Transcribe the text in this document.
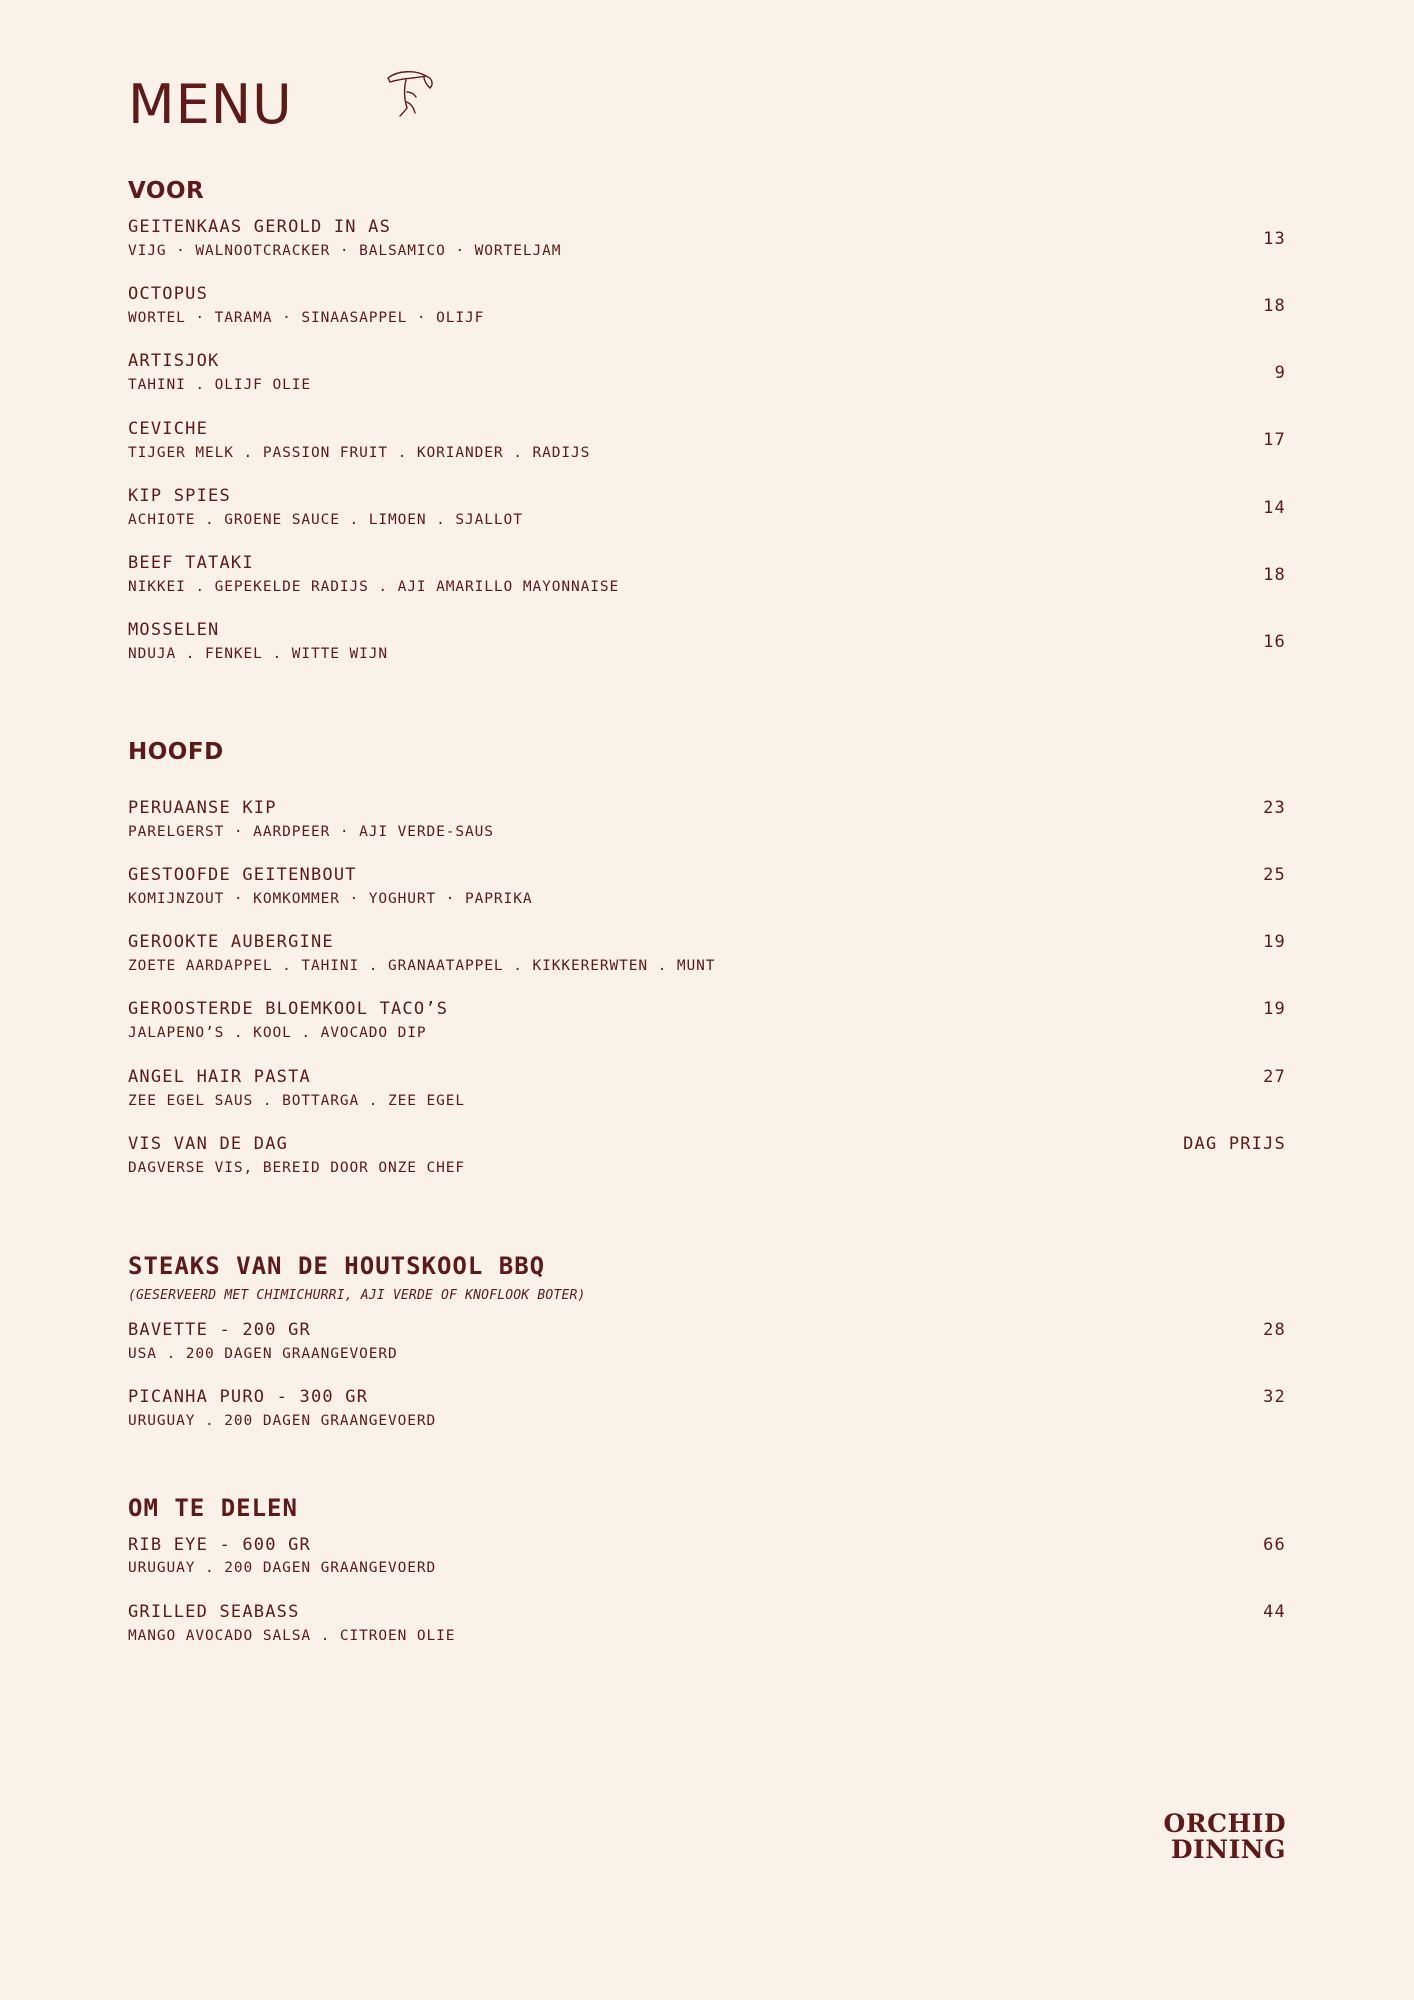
MENU
VOOR
GEITENKAAS GEROLD IN AS
VIJG · WALNOOTCRACKER · BALSAMICO · WORTELJAM
13
OCTOPUS
WORTEL · TARAMA · SINAASAPPEL · OLIJF
18
ARTISJOK
TAHINI . OLIJF OLIE
9
CEVICHE
TIJGER MELK . PASSION FRUIT . KORIANDER . RADIJS
17
KIP SPIES
ACHIOTE . GROENE SAUCE . LIMOEN . SJALLOT
14
BEEF TATAKI
NIKKEI . GEPEKELDE RADIJS . AJI AMARILLO MAYONNAISE
18
MOSSELEN
NDUJA . FENKEL . WITTE WIJN
16
HOOFD
PERUAANSE KIP
PARELGERST · AARDPEER · AJI VERDE-SAUS
23
GESTOOFDE GEITENBOUT
KOMIJNZOUT · KOMKOMMER · YOGHURT · PAPRIKA
25
GEROOKTE AUBERGINE
ZOETE AARDAPPEL . TAHINI . GRANAATAPPEL . KIKKERERWTEN . MUNT
19
GEROOSTERDE BLOEMKOOL TACO’S
JALAPENO’S . KOOL . AVOCADO DIP
19
ANGEL HAIR PASTA
ZEE EGEL SAUS . BOTTARGA . ZEE EGEL
27
VIS VAN DE DAG
DAGVERSE VIS, BEREID DOOR ONZE CHEF
DAG PRIJS
STEAKS VAN DE HOUTSKOOL BBQ
(GESERVEERD MET CHIMICHURRI, AJI VERDE OF KNOFLOOK BOTER)
BAVETTE - 200 GR
USA . 200 DAGEN GRAANGEVOERD
28
PICANHA PURO - 300 GR
URUGUAY . 200 DAGEN GRAANGEVOERD
32
OM TE DELEN
RIB EYE - 600 GR
URUGUAY . 200 DAGEN GRAANGEVOERD
66
GRILLED SEABASS
MANGO AVOCADO SALSA . CITROEN OLIE
44
ORCHID
DINING
